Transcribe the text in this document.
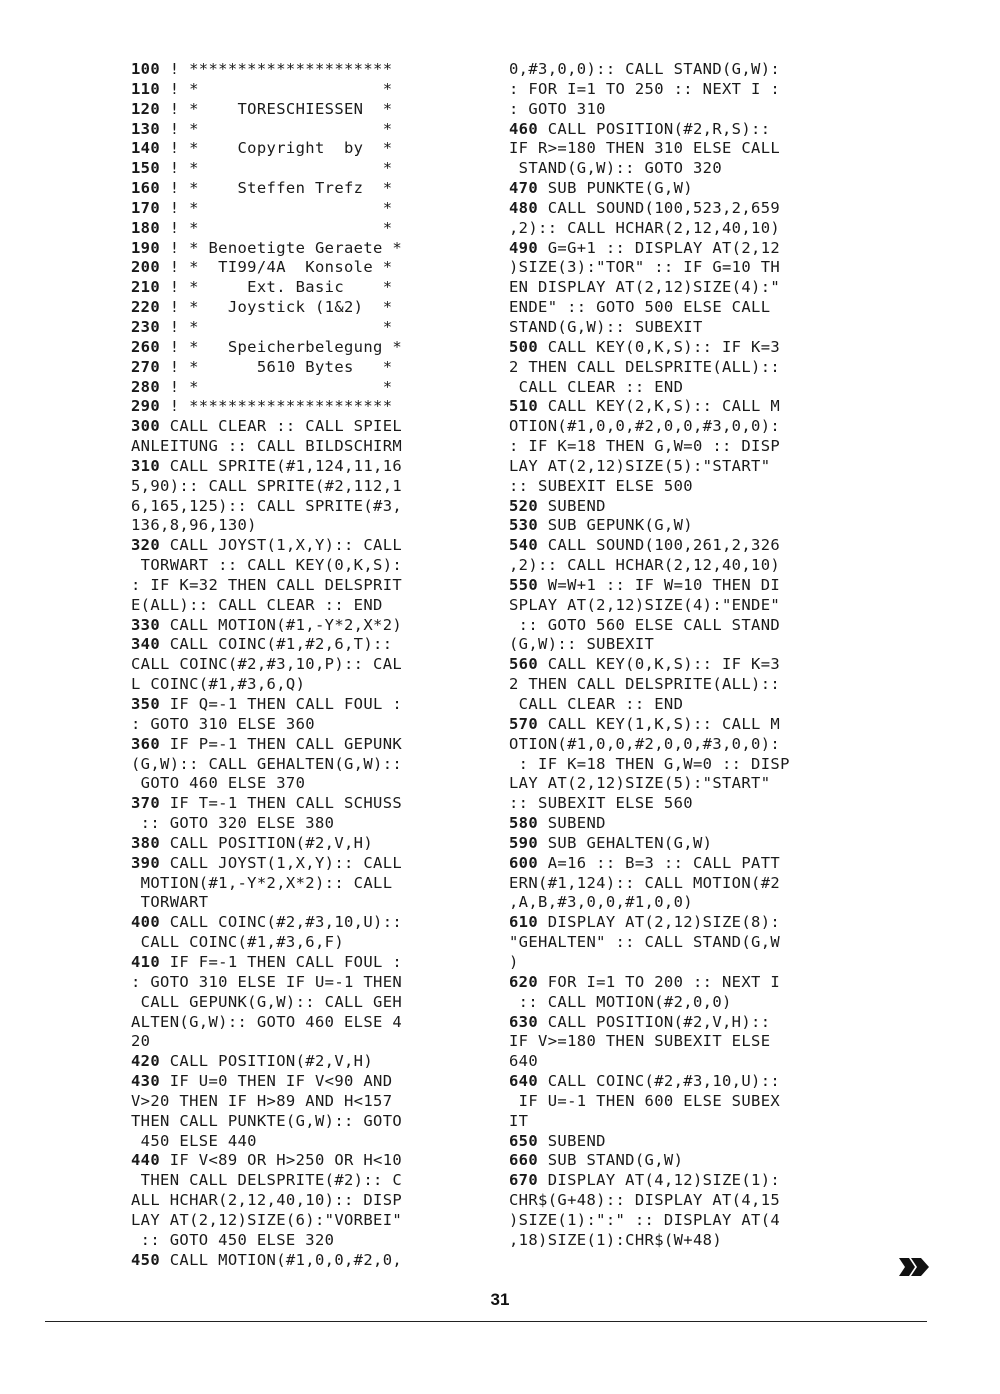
100 ! *********************
110 ! *                   *
120 ! *    TORESCHIESSEN  *
130 ! *                   *
140 ! *    Copyright  by  *
150 ! *                   *
160 ! *    Steffen Trefz  *
170 ! *                   *
180 ! *                   *
190 ! * Benoetigte Geraete *
200 ! *  TI99/4A  Konsole *
210 ! *     Ext. Basic    *
220 ! *   Joystick (1&2)  *
230 ! *                   *
260 ! *   Speicherbelegung *
270 ! *      5610 Bytes   *
280 ! *                   *
290 ! *********************
300 CALL CLEAR :: CALL SPIEL
ANLEITUNG :: CALL BILDSCHIRM
310 CALL SPRITE(#1,124,11,16
5,90):: CALL SPRITE(#2,112,1
6,165,125):: CALL SPRITE(#3,
136,8,96,130)
320 CALL JOYST(1,X,Y):: CALL
TORWART :: CALL KEY(0,K,S):
: IF K=32 THEN CALL DELSPRIT
E(ALL):: CALL CLEAR :: END
330 CALL MOTION(#1,-Y*2,X*2)
340 CALL COINC(#1,#2,6,T)::
CALL COINC(#2,#3,10,P):: CAL
L COINC(#1,#3,6,Q)
350 IF Q=-1 THEN CALL FOUL :
: GOTO 310 ELSE 360
360 IF P=-1 THEN CALL GEPUNK
(G,W):: CALL GEHALTEN(G,W)::
GOTO 460 ELSE 370
370 IF T=-1 THEN CALL SCHUSS
:: GOTO 320 ELSE 380
380 CALL POSITION(#2,V,H)
390 CALL JOYST(1,X,Y):: CALL
MOTION(#1,-Y*2,X*2):: CALL
TORWART
400 CALL COINC(#2,#3,10,U)::
CALL COINC(#1,#3,6,F)
410 IF F=-1 THEN CALL FOUL :
: GOTO 310 ELSE IF U=-1 THEN
CALL GEPUNK(G,W):: CALL GEH
ALTEN(G,W):: GOTO 460 ELSE 4
20
420 CALL POSITION(#2,V,H)
430 IF U=0 THEN IF V<90 AND
V>20 THEN IF H>89 AND H<157
THEN CALL PUNKTE(G,W):: GOTO
450 ELSE 440
440 IF V<89 OR H>250 OR H<10
THEN CALL DELSPRITE(#2):: C
ALL HCHAR(2,12,40,10):: DISP
LAY AT(2,12)SIZE(6):"VORBEI"
:: GOTO 450 ELSE 320
450 CALL MOTION(#1,0,0,#2,0,
0,#3,0,0):: CALL STAND(G,W):
: FOR I=1 TO 250 :: NEXT I :
: GOTO 310
460 CALL POSITION(#2,R,S)::
IF R>=180 THEN 310 ELSE CALL
STAND(G,W):: GOTO 320
470 SUB PUNKTE(G,W)
480 CALL SOUND(100,523,2,659
,2):: CALL HCHAR(2,12,40,10)
490 G=G+1 :: DISPLAY AT(2,12
)SIZE(3):"TOR" :: IF G=10 TH
EN DISPLAY AT(2,12)SIZE(4):"
ENDE" :: GOTO 500 ELSE CALL
STAND(G,W):: SUBEXIT
500 CALL KEY(0,K,S):: IF K=3
2 THEN CALL DELSPRITE(ALL)::
CALL CLEAR :: END
510 CALL KEY(2,K,S):: CALL M
OTION(#1,0,0,#2,0,0,#3,0,0):
: IF K=18 THEN G,W=0 :: DISP
LAY AT(2,12)SIZE(5):"START"
:: SUBEXIT ELSE 500
520 SUBEND
530 SUB GEPUNK(G,W)
540 CALL SOUND(100,261,2,326
,2):: CALL HCHAR(2,12,40,10)
550 W=W+1 :: IF W=10 THEN DI
SPLAY AT(2,12)SIZE(4):"ENDE"
:: GOTO 560 ELSE CALL STAND
(G,W):: SUBEXIT
560 CALL KEY(0,K,S):: IF K=3
2 THEN CALL DELSPRITE(ALL)::
CALL CLEAR :: END
570 CALL KEY(1,K,S):: CALL M
OTION(#1,0,0,#2,0,0,#3,0,0):
: IF K=18 THEN G,W=0 :: DISP
LAY AT(2,12)SIZE(5):"START"
:: SUBEXIT ELSE 560
580 SUBEND
590 SUB GEHALTEN(G,W)
600 A=16 :: B=3 :: CALL PATT
ERN(#1,124):: CALL MOTION(#2
,A,B,#3,0,0,#1,0,0)
610 DISPLAY AT(2,12)SIZE(8):
"GEHALTEN" :: CALL STAND(G,W
)
620 FOR I=1 TO 200 :: NEXT I
:: CALL MOTION(#2,0,0)
630 CALL POSITION(#2,V,H)::
IF V>=180 THEN SUBEXIT ELSE
640
640 CALL COINC(#2,#3,10,U)::
IF U=-1 THEN 600 ELSE SUBEX
IT
650 SUBEND
660 SUB STAND(G,W)
670 DISPLAY AT(4,12)SIZE(1):
CHR$(G+48):: DISPLAY AT(4,15
)SIZE(1):":" :: DISPLAY AT(4
,18)SIZE(1):CHR$(W+48)
31
